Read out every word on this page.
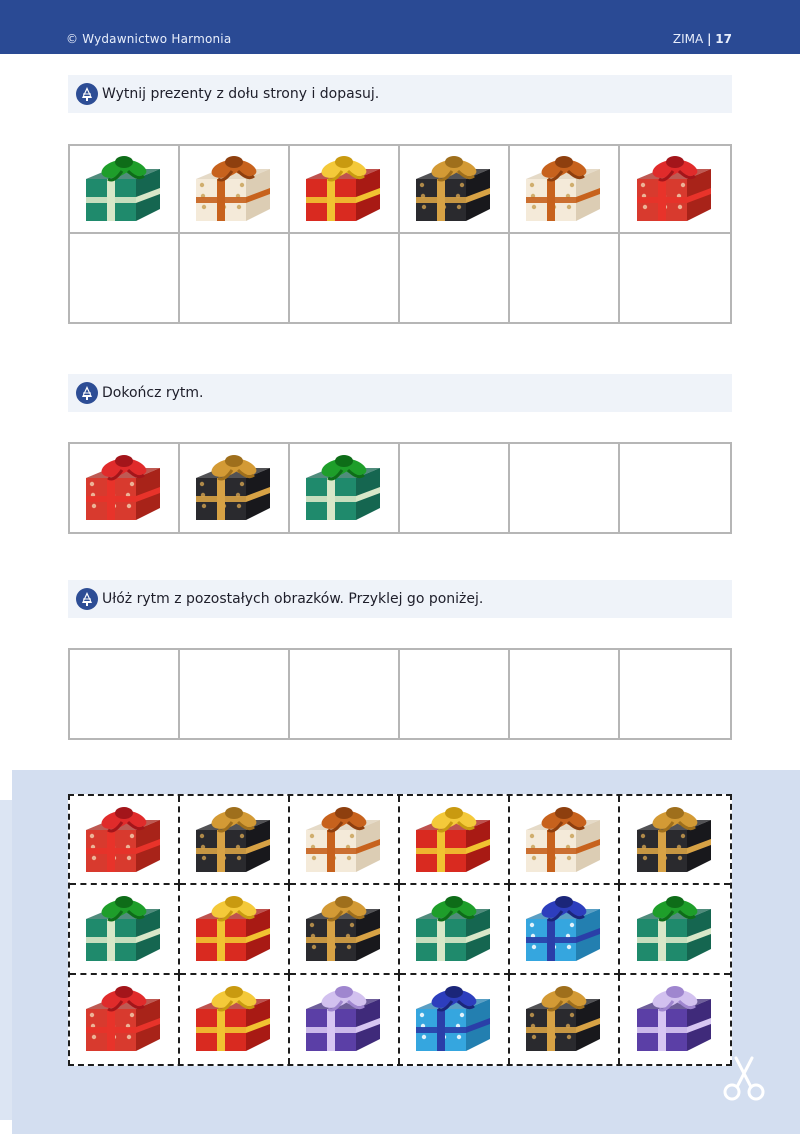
© Wydawnictwo Harmonia	ZIMA | 17
Wytnij prezenty z dołu strony i dopasuj.
Dokończ rytm.
Ułóż rytm z pozostałych obrazków. Przyklej go poniżej.
